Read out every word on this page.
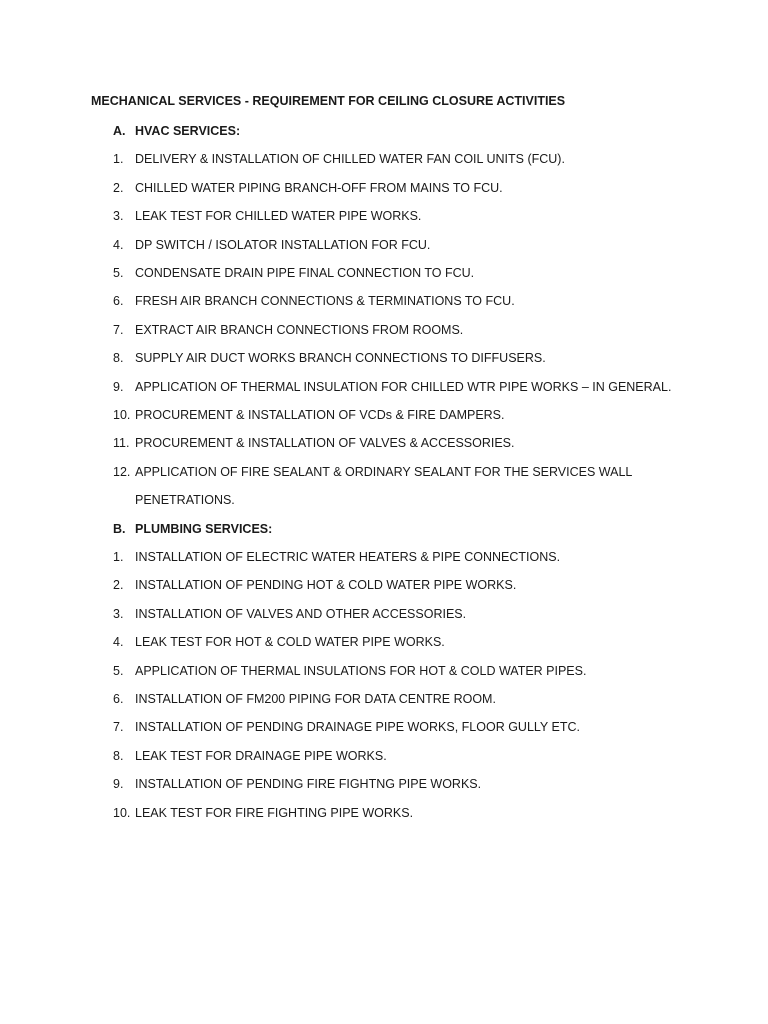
MECHANICAL SERVICES - REQUIREMENT FOR CEILING CLOSURE ACTIVITIES
A. HVAC SERVICES:
1. DELIVERY & INSTALLATION OF CHILLED WATER FAN COIL UNITS (FCU).
2. CHILLED WATER PIPING BRANCH-OFF FROM MAINS TO FCU.
3. LEAK TEST FOR CHILLED WATER PIPE WORKS.
4. DP SWITCH / ISOLATOR INSTALLATION FOR FCU.
5. CONDENSATE DRAIN PIPE FINAL CONNECTION TO FCU.
6. FRESH AIR BRANCH CONNECTIONS & TERMINATIONS TO FCU.
7. EXTRACT AIR BRANCH CONNECTIONS FROM ROOMS.
8. SUPPLY AIR DUCT WORKS BRANCH CONNECTIONS TO DIFFUSERS.
9. APPLICATION OF THERMAL INSULATION FOR CHILLED WTR PIPE WORKS – IN GENERAL.
10. PROCUREMENT & INSTALLATION OF VCDs & FIRE DAMPERS.
11. PROCUREMENT & INSTALLATION OF VALVES & ACCESSORIES.
12.APPLICATION OF FIRE SEALANT & ORDINARY SEALANT FOR THE SERVICES WALL
PENETRATIONS.
B. PLUMBING SERVICES:
1. INSTALLATION OF ELECTRIC WATER HEATERS & PIPE CONNECTIONS.
2. INSTALLATION OF PENDING HOT & COLD WATER PIPE WORKS.
3. INSTALLATION OF VALVES AND OTHER ACCESSORIES.
4. LEAK TEST FOR HOT & COLD WATER PIPE WORKS.
5. APPLICATION OF THERMAL INSULATIONS FOR HOT & COLD WATER PIPES.
6. INSTALLATION OF FM200 PIPING FOR DATA CENTRE ROOM.
7. INSTALLATION OF PENDING DRAINAGE PIPE WORKS, FLOOR GULLY ETC.
8. LEAK TEST FOR DRAINAGE PIPE WORKS.
9. INSTALLATION OF PENDING FIRE FIGHTNG PIPE WORKS.
10. LEAK TEST FOR FIRE FIGHTING PIPE WORKS.
